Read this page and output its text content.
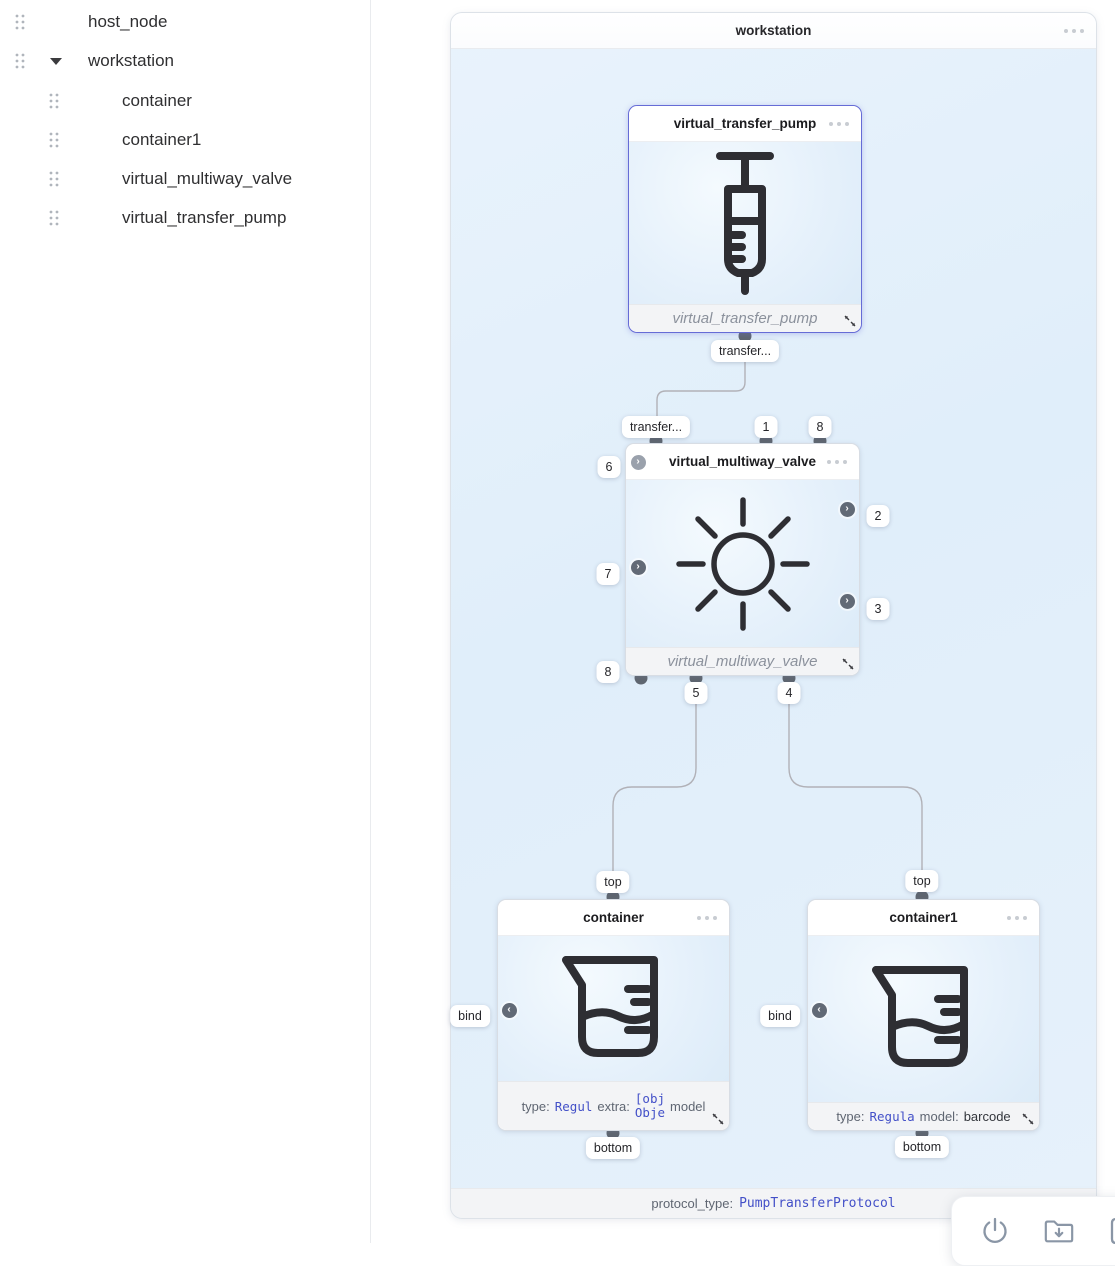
host_node
workstation
container
container1
virtual_multiway_valve
virtual_transfer_pump
workstation
protocol_type: PumpTransferProtocol
virtual_transfer_pump
virtual_transfer_pump
virtual_multiway_valve
virtual_multiway_valve
container
type: Regul extra:
[obj
Obje model
container1
type: Regula model: barcode
transfer...
transfer...	1	8
6
7
8
2
3
5	4
top
bind
bottom
top
bind
bottom
›
›
›
›
‹	‹
